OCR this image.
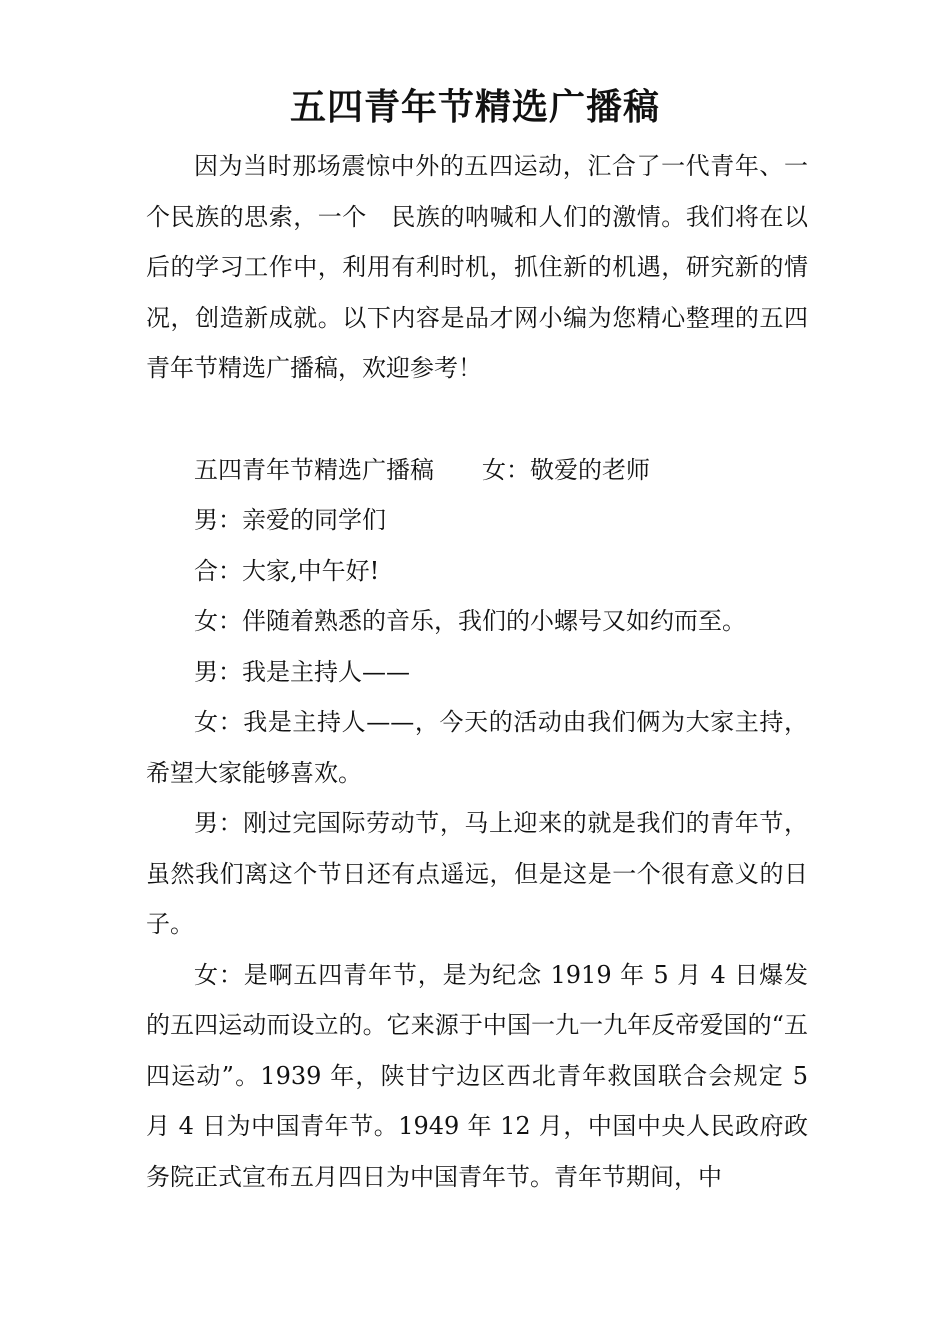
五四青年节精选广播稿

因为当时那场震惊中外的五四运动，汇合了一代青年、一个民族的思索，一个　民族的呐喊和人们的激情。我们将在以后的学习工作中，利用有利时机，抓住新的机遇，研究新的情况，创造新成就。以下内容是品才网小编为您精心整理的五四青年节精选广播稿，欢迎参考！

五四青年节精选广播稿 女：敬爱的老师

男：亲爱的同学们

合：大家,中午好!

女：伴随着熟悉的音乐，我们的小螺号又如约而至。

男：我是主持人——

女：我是主持人——，今天的活动由我们俩为大家主持，希望大家能够喜欢。

男：刚过完国际劳动节，马上迎来的就是我们的青年节，虽然我们离这个节日还有点遥远，但是这是一个很有意义的日子。

女：是啊五四青年节，是为纪念 1919 年 5 月 4 日爆发的五四运动而设立的。它来源于中国一九一九年反帝爱国的“五四运动”。1939 年，陕甘宁边区西北青年救国联合会规定 5 月 4 日为中国青年节。1949 年 12 月，中国中央人民政府政务院正式宣布五月四日为中国青年节。青年节期间，中
